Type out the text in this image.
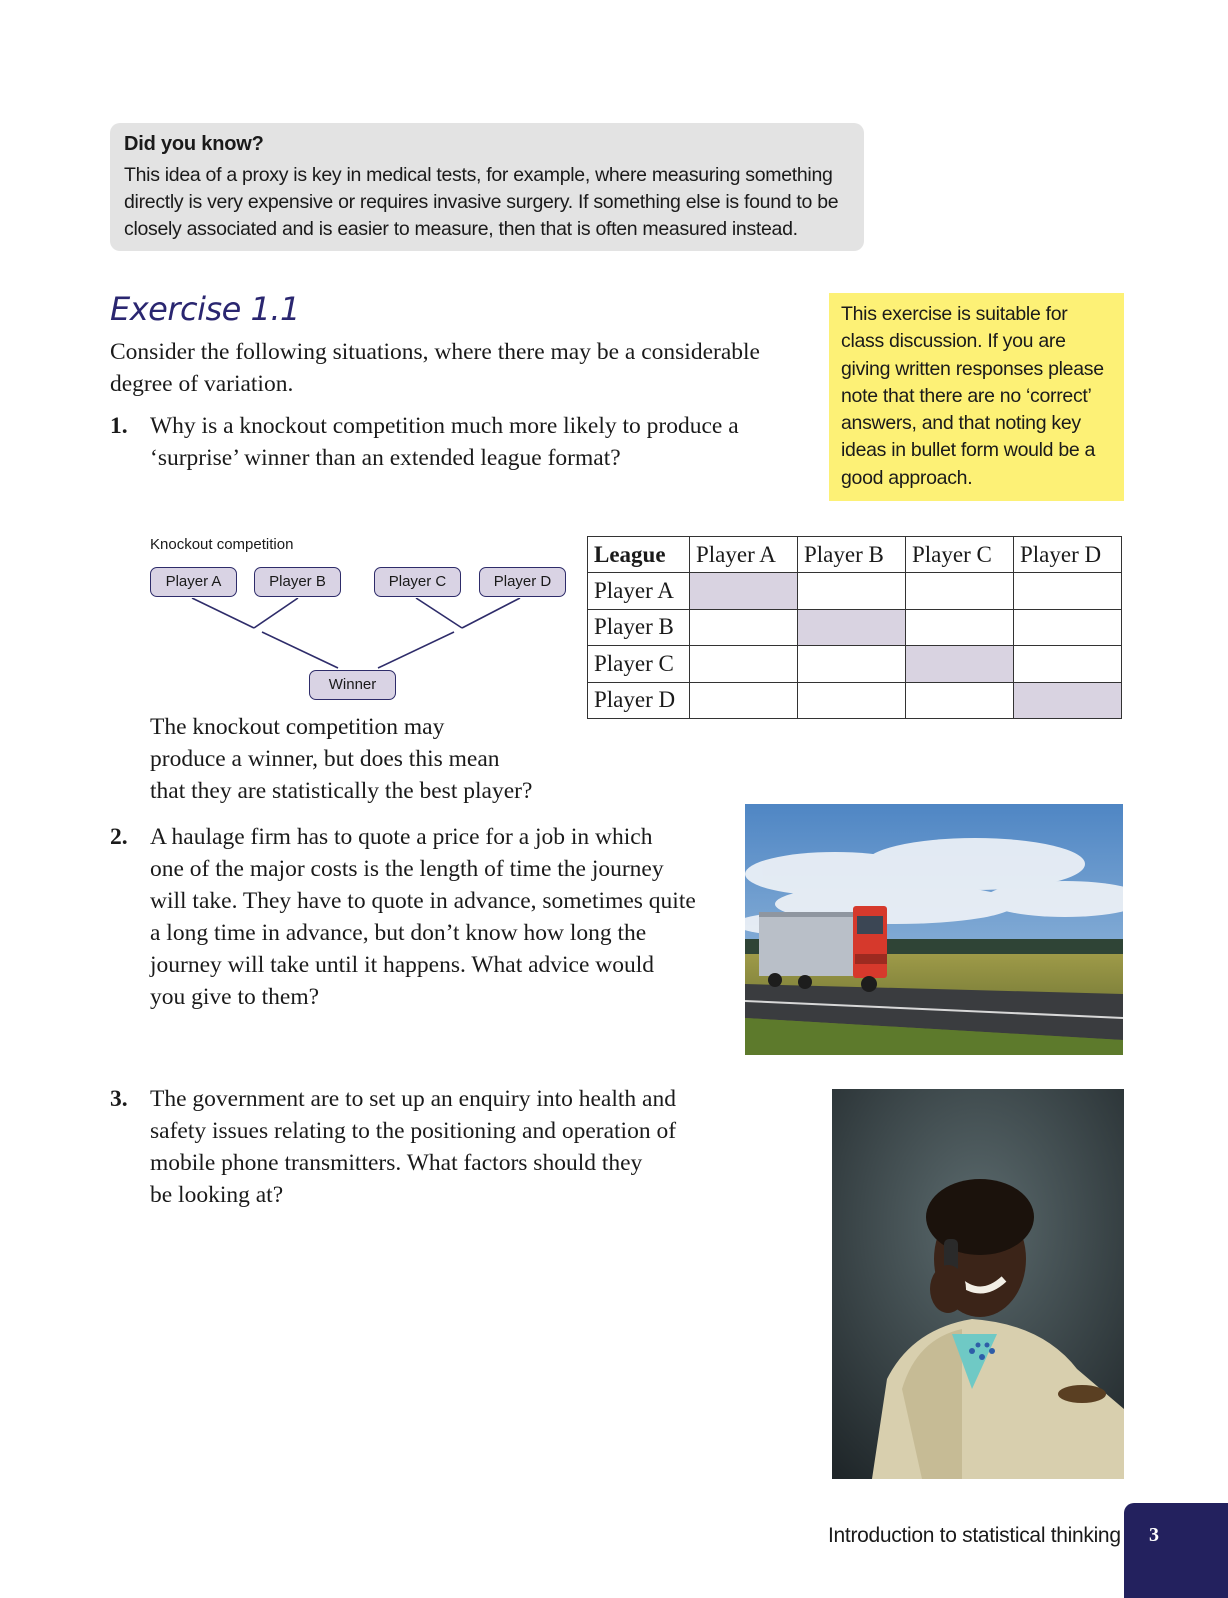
Did you know?
This idea of a proxy is key in medical tests, for example, where measuring something
directly is very expensive or requires invasive surgery. If something else is found to be
closely associated and is easier to measure, then that is often measured instead.
Exercise 1.1	This exercise is suitable for
class discussion. If you are
giving written responses please
note that there are no ‘correct’
answers, and that noting key
ideas in bullet form would be a
good approach.
Consider the following situations, where there may be a considerable
degree of variation.
1. Why is a knockout competition much more likely to produce a
‘surprise’ winner than an extended league format?
Knockout competition
Player A	Player B	Player C	Player D
Winner
League	Player A	Player B	Player C	Player D
Player A				
Player B				
Player C				
Player D				
The knockout competition may
produce a winner, but does this mean
that they are statistically the best player?
2. A haulage firm has to quote a price for a job in which
one of the major costs is the length of time the journey
will take. They have to quote in advance, sometimes quite
a long time in advance, but don’t know how long the
journey will take until it happens. What advice would
you give to them?
3. The government are to set up an enquiry into health and
safety issues relating to the positioning and operation of
mobile phone transmitters. What factors should they
be looking at?
Introduction to statistical thinking	3
